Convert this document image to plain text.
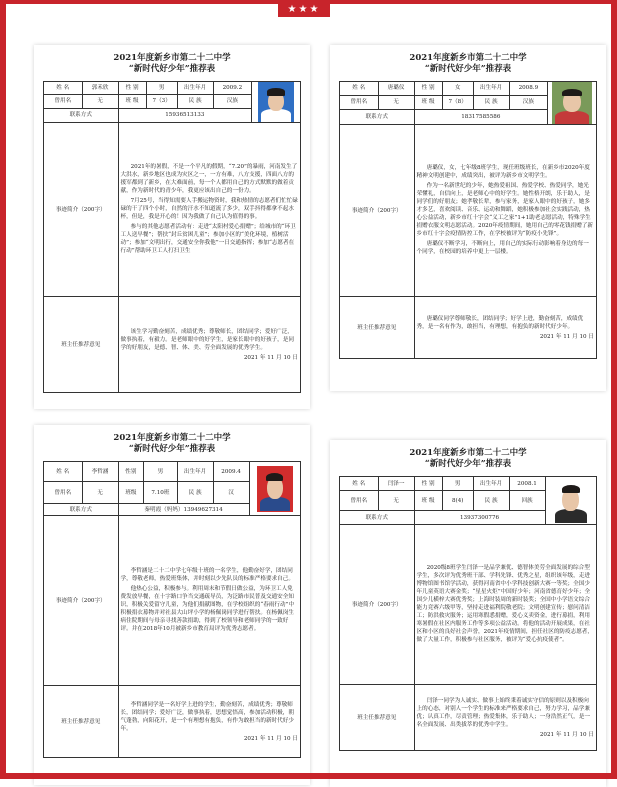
★★★
2021年度新乡市第二十二中学
“新时代好少年”推荐表
姓 名	郭禾欣	性 别	男	出生年月	2009.2	

曾用名	无	班 级	7（3）	民 族	汉族	
联系方式		15936513133				
事迹简介（200字）		2021年的暑假，不是一个平凡的假期，“7.20”的暴雨，河南发生了大洪水，新乡地区也成为灾区之一，一方有难，八方支援，四面八方的援军都到了新乡，在大难面前，每一个人都用自己的方式默默的做着贡献，作为新时代的青少年，我更应该出自己的一份力。

7月25号，当得知需要人手搬运物资时，我和热情的志愿者们忙忙碌碌的干了四个小时，自然的汗水不知道流了多少，双手抖得都拿不起水杯，但是，我是开心的！因为我做了自己认为值得的事。

参与的其他志愿者活动有：走进“太阳村爱心捐赠”；给城市的“环卫工人送早餐”；帮扶“封丘贫困儿童”；参加小区的“美化环境，植树活动”；参加“文明出行，交通安全你我他”一日交通指挥；参加“志愿者在行动”帮助环卫工人打扫卫生				

班主任推荐意见		该生学习勤奋刻苦，成绩优秀；尊敬师长，团结同学；爱好广泛，做事执着，有毅力。是老师眼中的好学生，是家长眼中的好孩子，是同学的好朋友，是德、智、体、美、劳全面发展的优秀学生。

2021 年 11 月 10 日				
2021年度新乡市第二十二中学
“新时代好少年”推荐表
姓 名	唐璐仪	性 别	女	出生年月	2008.9	

曾用名	无	班 级	7（8）	民 族	汉族	
联系方式		18317585586				
事迹简介（200字）		唐璐仪，女，七年级8班学生，现任班级班长，在新乡市2020年度精神文明创建中，成绩突出，被评为新乡市文明学生。

作为一名新世纪的少年，她热爱祖国、热爱学校、热爱同学，她光荣懂礼，自信向上，是老师心中的好学生。她性格开朗，乐于助人，是同学们的好朋友；她孝敬长辈，参与家务，是家人眼中的好孩子，她多才多艺，喜欢阅读、音乐、运动和舞蹈，她积极参加社会实践活动，热心公益活动，新乡市红十字会“义工之家”1+1助老志愿活动，特殊学生捐赠衣服文明志愿活动。2020年疫情期间，她用自己的零花钱捐赠了新乡市红十字会疫情防控工作，在学校被评为“防疫小先锋”。

唐璐仪不断学习，不断向上，用自己的实际行动影响着身边的每一个同学，在校园的培养中更上一层楼。				

班主任推荐意见		唐璐仪同学尊师敬长，团结同学；好学上进，勤奋刻苦，成绩优秀，是一名有作为，敢担当，有理想，有抱负的新时代好少年。

2021 年 11 月 10 日				
2021年度新乡市第二十二中学
“新时代好少年”推荐表
姓 名	李哲涵	性别	男	出生年月	2009.4	

曾用名	无	班级	7.10班	民 族	汉	
联系方式		秦明霞（妈妈）13949627314				
事迹简介（200字）		李哲涵是二十二中学七年级十班的一名学生，他勤奋好学，团结同学，尊敬老师，热爱班集体，并时刻以少先队员的标准严格要求自己。

他热心公益，积极参与。利用周末和节假日做公益，为环卫工人免费发放早餐，在十字路口争当交通疏导员，为泛路市民普及交通安全知识，积极关爱留守儿童，为他们捐献图物，在学校组织的“春雨行动”中积极捐衣募物并对社县大山坪小学的杨佩岗同学进行帮扶。在杨佩岗生病住院期间与母亲寻找善款捐助，得到了校领导和老师同学的一致好评。并在2018年10月被新乡市教育局评为优秀志愿者。				

班主任推荐意见		李哲涵同学是一名好学上进的学生，勤奋刻苦，成绩优秀；尊敬师长，团结同学；爱好广泛，做事执着，思想觉悟高，参加活动积极，朝气蓬勃，向阳花开，是一个有理想有抱负，有作为敢担当的新时代好少年。

2021 年 11 月 10 日				
2021年度新乡市第二十二中学
“新时代好少年”推荐表
姓 名	闫泽一	性 别	男	出生年月	2008.1	

曾用名	无	班 级	8(4)	民 族	回族	
联系方式		13937300776				
事迹简介（200字）		2020级8班学生闫泽一是品学兼优、德智体美劳全面发展的综合型学生，多次评为优秀班干部、学科先锋、优秀之星，组织该年级，走进博物馆图书馆学活动，获得河南省中小学科技创新大赛一等奖；全国少年儿童英语大赛金奖；“星星火炬”中国好少年；河南省德育好少年；全国少儿横梓大赛优秀奖；上海时装周的新时装奖；全国中小学语文综合能力竞赛六级甲等，坚持走进福利院敬老院；文明创建宣传；慰问清洁工；防洪救灾服务；运用寒假悉捐赠，爱心义卖资金，进行募捐，利用寒暑假在社区内服务工作等多项公益活动。将他的活动开展成果，在社区和小区的良好社会声誉，2021年疫情期间，担任社区的防疫志愿者，做了大量工作，积极参与社区服务，被评为“爱心抗疫使者”。				

班主任推荐意见		闫泽一同学为人诚实、做事上始终秉着诚实守信的原则以及积极向上的心态，对别人一个学生的标准来严格要求自己，努力学习，品学兼优；认真工作，尽责管理；热爱集体，乐于助人；一身浩然正气，是一名全面发展、出类拔萃的优秀中学生。

2021 年 11 月 10 日				
